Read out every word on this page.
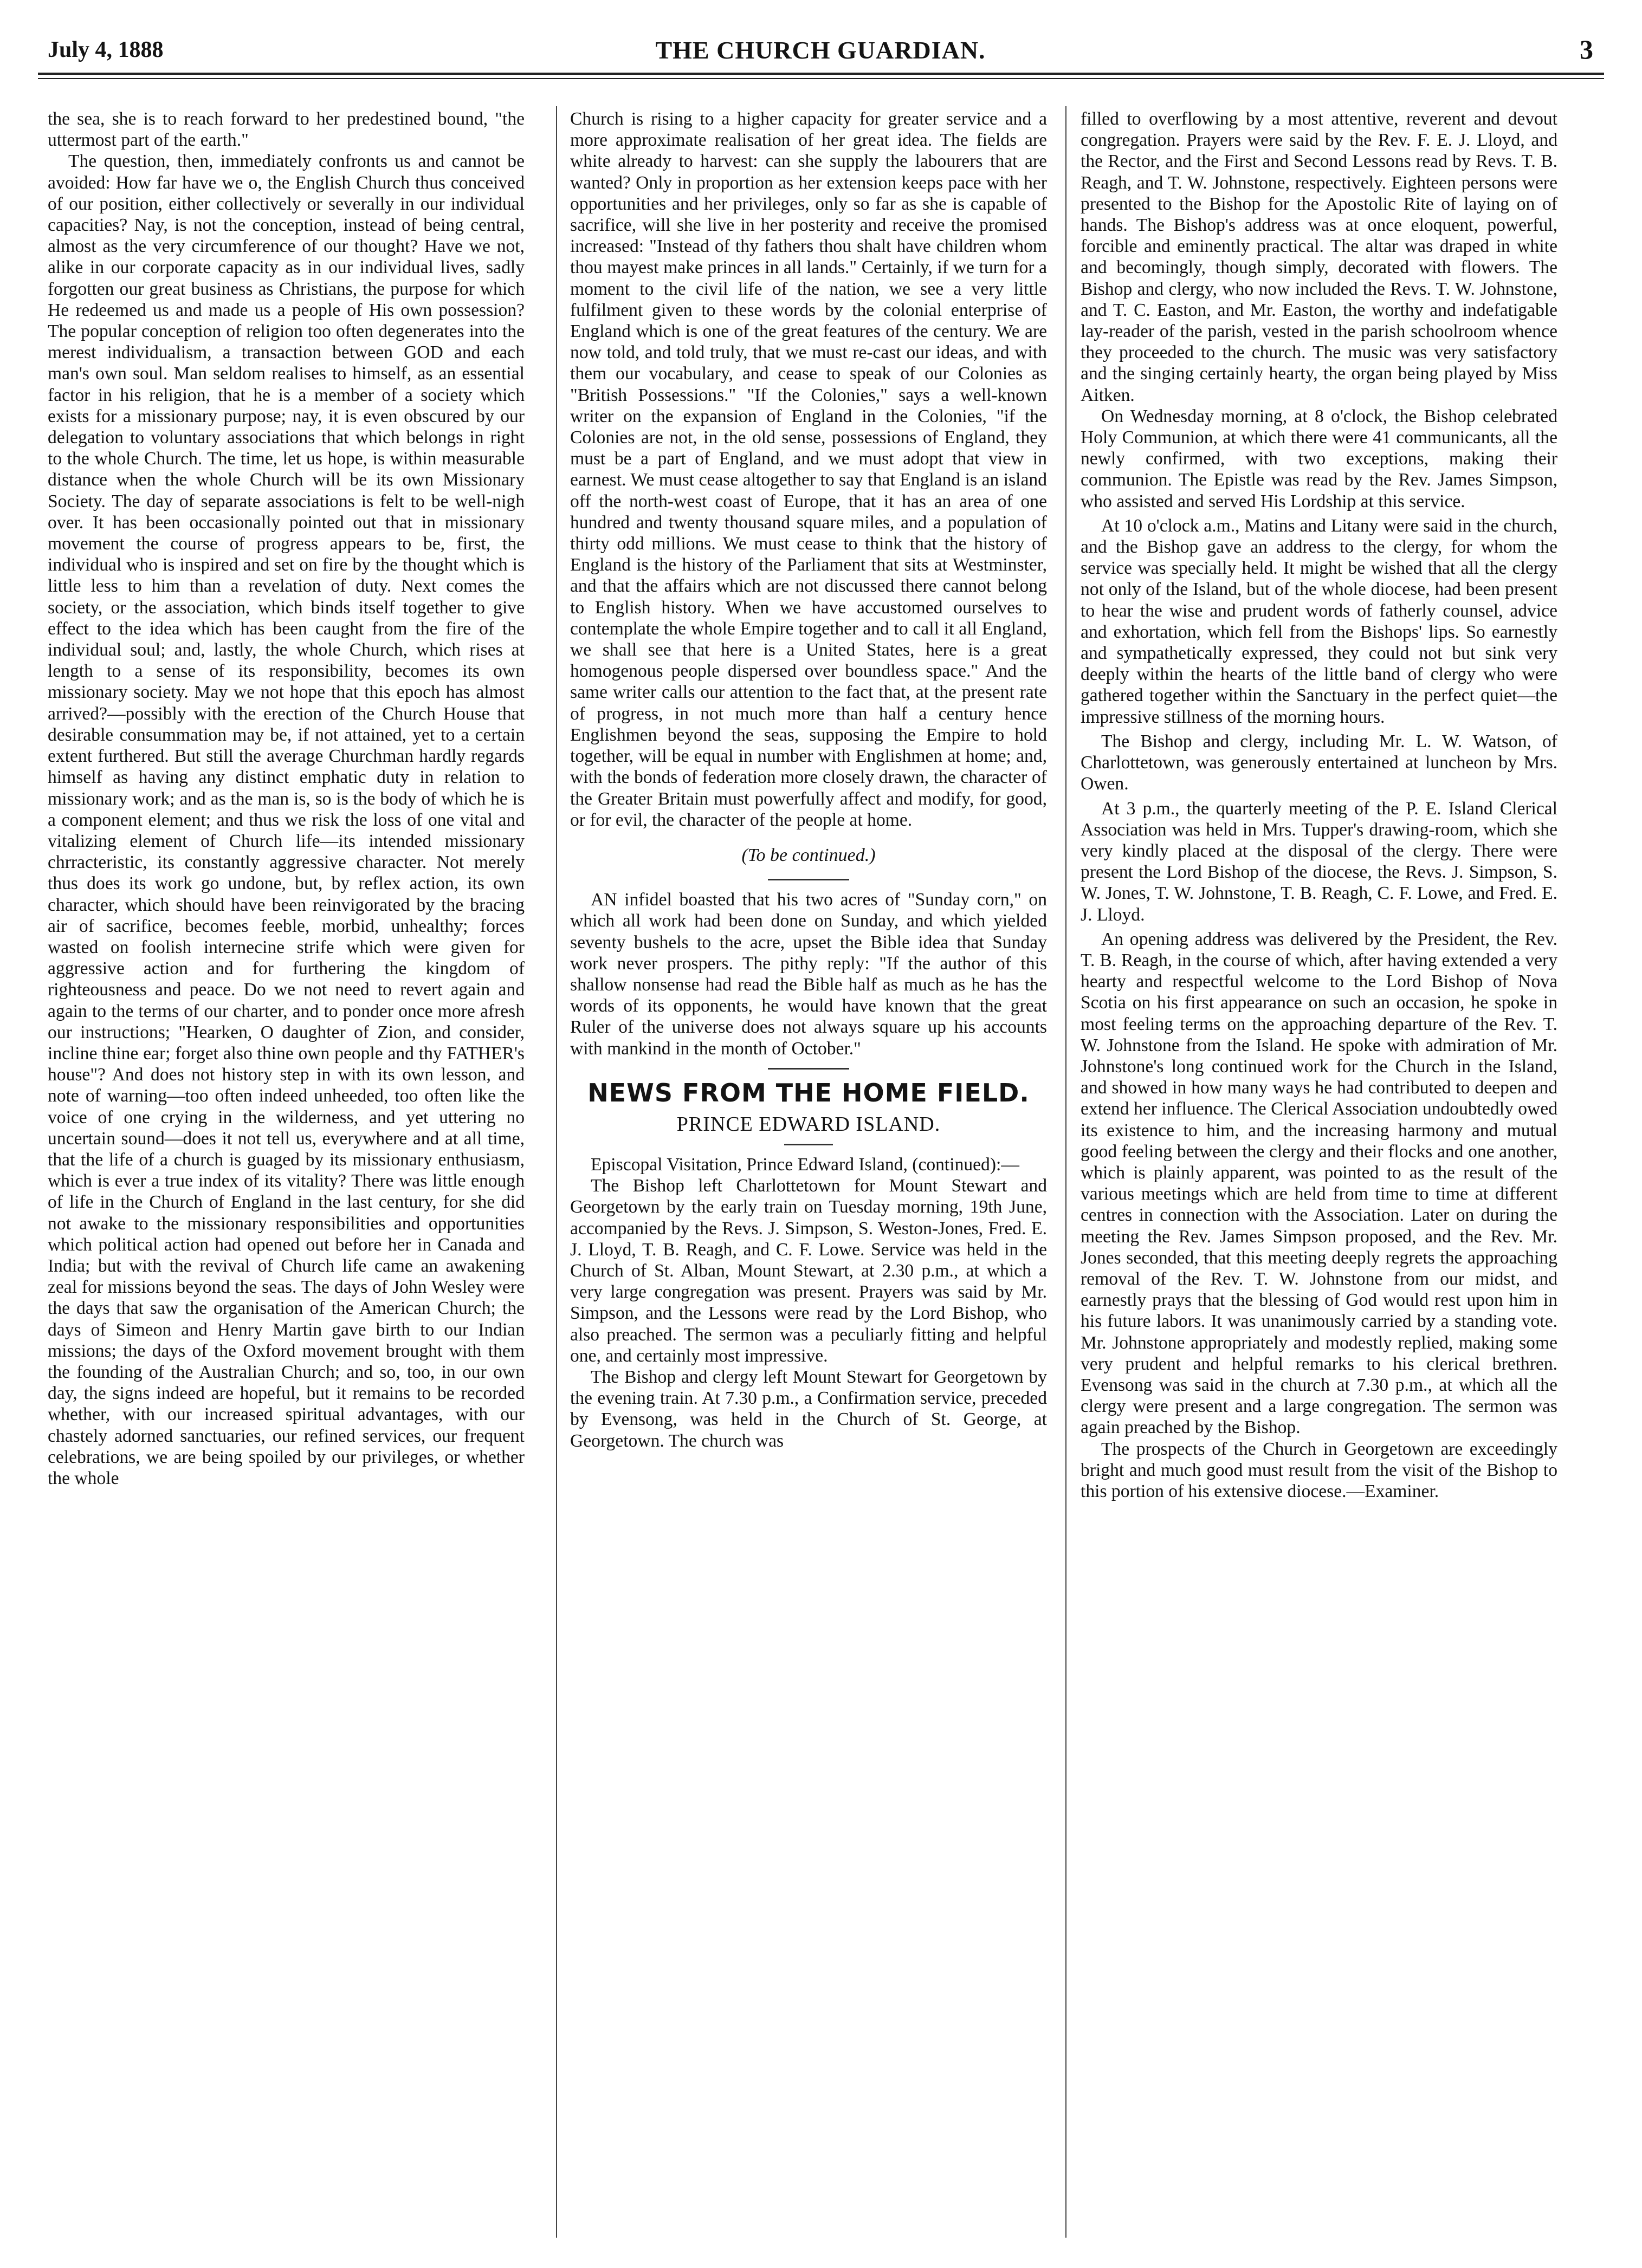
July 4, 1888	THE CHURCH GUARDIAN.	3

the sea, she is to reach forward to her predestined bound, "the uttermost part of the earth."

The question, then, immediately confronts us and cannot be avoided: How far have we o, the English Church thus conceived of our position, either collectively or severally in our individual capacities? Nay, is not the conception, instead of being central, almost as the very circumference of our thought? Have we not, alike in our corporate capacity as in our individual lives, sadly forgotten our great business as Christians, the purpose for which He redeemed us and made us a people of His own possession? The popular conception of religion too often degenerates into the merest individualism, a transaction between GOD and each man's own soul. Man seldom realises to himself, as an essential factor in his religion, that he is a member of a society which exists for a missionary purpose; nay, it is even obscured by our delegation to voluntary associations that which belongs in right to the whole Church. The time, let us hope, is within measurable distance when the whole Church will be its own Missionary Society. The day of separate associations is felt to be well-nigh over. It has been occasionally pointed out that in missionary movement the course of progress appears to be, first, the individual who is inspired and set on fire by the thought which is little less to him than a revelation of duty. Next comes the society, or the association, which binds itself together to give effect to the idea which has been caught from the fire of the individual soul; and, lastly, the whole Church, which rises at length to a sense of its responsibility, becomes its own missionary society. May we not hope that this epoch has almost arrived?—possibly with the erection of the Church House that desirable consummation may be, if not attained, yet to a certain extent furthered. But still the average Churchman hardly regards himself as having any distinct emphatic duty in relation to missionary work; and as the man is, so is the body of which he is a component element; and thus we risk the loss of one vital and vitalizing element of Church life—its intended missionary chrracteristic, its constantly aggressive character. Not merely thus does its work go undone, but, by reflex action, its own character, which should have been reinvigorated by the bracing air of sacrifice, becomes feeble, morbid, unhealthy; forces wasted on foolish internecine strife which were given for aggressive action and for furthering the kingdom of righteousness and peace. Do we not need to revert again and again to the terms of our charter, and to ponder once more afresh our instructions; "Hearken, O daughter of Zion, and consider, incline thine ear; forget also thine own people and thy FATHER's house"? And does not history step in with its own lesson, and note of warning—too often indeed unheeded, too often like the voice of one crying in the wilderness, and yet uttering no uncertain sound—does it not tell us, everywhere and at all time, that the life of a church is guaged by its missionary enthusiasm, which is ever a true index of its vitality? There was little enough of life in the Church of England in the last century, for she did not awake to the missionary responsibilities and opportunities which political action had opened out before her in Canada and India; but with the revival of Church life came an awakening zeal for missions beyond the seas. The days of John Wesley were the days that saw the organisation of the American Church; the days of Simeon and Henry Martin gave birth to our Indian missions; the days of the Oxford movement brought with them the founding of the Australian Church; and so, too, in our own day, the signs indeed are hopeful, but it remains to be recorded whether, with our increased spiritual advantages, with our chastely adorned sanctuaries, our refined services, our frequent celebrations, we are being spoiled by our privileges, or whether the whole

Church is rising to a higher capacity for greater service and a more approximate realisation of her great idea. The fields are white already to harvest: can she supply the labourers that are wanted? Only in proportion as her extension keeps pace with her opportunities and her privileges, only so far as she is capable of sacrifice, will she live in her posterity and receive the promised increased: "Instead of thy fathers thou shalt have children whom thou mayest make princes in all lands." Certainly, if we turn for a moment to the civil life of the nation, we see a very little fulfilment given to these words by the colonial enterprise of England which is one of the great features of the century. We are now told, and told truly, that we must re-cast our ideas, and with them our vocabulary, and cease to speak of our Colonies as "British Possessions." "If the Colonies," says a well-known writer on the expansion of England in the Colonies, "if the Colonies are not, in the old sense, possessions of England, they must be a part of England, and we must adopt that view in earnest. We must cease altogether to say that England is an island off the north-west coast of Europe, that it has an area of one hundred and twenty thousand square miles, and a population of thirty odd millions. We must cease to think that the history of England is the history of the Parliament that sits at Westminster, and that the affairs which are not discussed there cannot belong to English history. When we have accustomed ourselves to contemplate the whole Empire together and to call it all England, we shall see that here is a United States, here is a great homogenous people dispersed over boundless space." And the same writer calls our attention to the fact that, at the present rate of progress, in not much more than half a century hence Englishmen beyond the seas, supposing the Empire to hold together, will be equal in number with Englishmen at home; and, with the bonds of federation more closely drawn, the character of the Greater Britain must powerfully affect and modify, for good, or for evil, the character of the people at home.

(To be continued.)

AN infidel boasted that his two acres of "Sunday corn," on which all work had been done on Sunday, and which yielded seventy bushels to the acre, upset the Bible idea that Sunday work never prospers. The pithy reply: "If the author of this shallow nonsense had read the Bible half as much as he has the words of its opponents, he would have known that the great Ruler of the universe does not always square up his accounts with mankind in the month of October."

NEWS FROM THE HOME FIELD.
PRINCE EDWARD ISLAND.

Episcopal Visitation, Prince Edward Island, (continued):—

The Bishop left Charlottetown for Mount Stewart and Georgetown by the early train on Tuesday morning, 19th June, accompanied by the Revs. J. Simpson, S. Weston-Jones, Fred. E. J. Lloyd, T. B. Reagh, and C. F. Lowe. Service was held in the Church of St. Alban, Mount Stewart, at 2.30 p.m., at which a very large congregation was present. Prayers was said by Mr. Simpson, and the Lessons were read by the Lord Bishop, who also preached. The sermon was a peculiarly fitting and helpful one, and certainly most impressive.

The Bishop and clergy left Mount Stewart for Georgetown by the evening train. At 7.30 p.m., a Confirmation service, preceded by Evensong, was held in the Church of St. George, at Georgetown. The church was

filled to overflowing by a most attentive, reverent and devout congregation. Prayers were said by the Rev. F. E. J. Lloyd, and the Rector, and the First and Second Lessons read by Revs. T. B. Reagh, and T. W. Johnstone, respectively. Eighteen persons were presented to the Bishop for the Apostolic Rite of laying on of hands. The Bishop's address was at once eloquent, powerful, forcible and eminently practical. The altar was draped in white and becomingly, though simply, decorated with flowers. The Bishop and clergy, who now included the Revs. T. W. Johnstone, and T. C. Easton, and Mr. Easton, the worthy and indefatigable lay-reader of the parish, vested in the parish schoolroom whence they proceeded to the church. The music was very satisfactory and the singing certainly hearty, the organ being played by Miss Aitken.

On Wednesday morning, at 8 o'clock, the Bishop celebrated Holy Communion, at which there were 41 communicants, all the newly confirmed, with two exceptions, making their communion. The Epistle was read by the Rev. James Simpson, who assisted and served His Lordship at this service.

At 10 o'clock a.m., Matins and Litany were said in the church, and the Bishop gave an address to the clergy, for whom the service was specially held. It might be wished that all the clergy not only of the Island, but of the whole diocese, had been present to hear the wise and prudent words of fatherly counsel, advice and exhortation, which fell from the Bishops' lips. So earnestly and sympathetically expressed, they could not but sink very deeply within the hearts of the little band of clergy who were gathered together within the Sanctuary in the perfect quiet—the impressive stillness of the morning hours.

The Bishop and clergy, including Mr. L. W. Watson, of Charlottetown, was generously entertained at luncheon by Mrs. Owen.

At 3 p.m., the quarterly meeting of the P. E. Island Clerical Association was held in Mrs. Tupper's drawing-room, which she very kindly placed at the disposal of the clergy. There were present the Lord Bishop of the diocese, the Revs. J. Simpson, S. W. Jones, T. W. Johnstone, T. B. Reagh, C. F. Lowe, and Fred. E. J. Lloyd.

An opening address was delivered by the President, the Rev. T. B. Reagh, in the course of which, after having extended a very hearty and respectful welcome to the Lord Bishop of Nova Scotia on his first appearance on such an occasion, he spoke in most feeling terms on the approaching departure of the Rev. T. W. Johnstone from the Island. He spoke with admiration of Mr. Johnstone's long continued work for the Church in the Island, and showed in how many ways he had contributed to deepen and extend her influence. The Clerical Association undoubtedly owed its existence to him, and the increasing harmony and mutual good feeling between the clergy and their flocks and one another, which is plainly apparent, was pointed to as the result of the various meetings which are held from time to time at different centres in connection with the Association. Later on during the meeting the Rev. James Simpson proposed, and the Rev. Mr. Jones seconded, that this meeting deeply regrets the approaching removal of the Rev. T. W. Johnstone from our midst, and earnestly prays that the blessing of God would rest upon him in his future labors. It was unanimously carried by a standing vote. Mr. Johnstone appropriately and modestly replied, making some very prudent and helpful remarks to his clerical brethren. Evensong was said in the church at 7.30 p.m., at which all the clergy were present and a large congregation. The sermon was again preached by the Bishop.

The prospects of the Church in Georgetown are exceedingly bright and much good must result from the visit of the Bishop to this portion of his extensive diocese.—Examiner.
